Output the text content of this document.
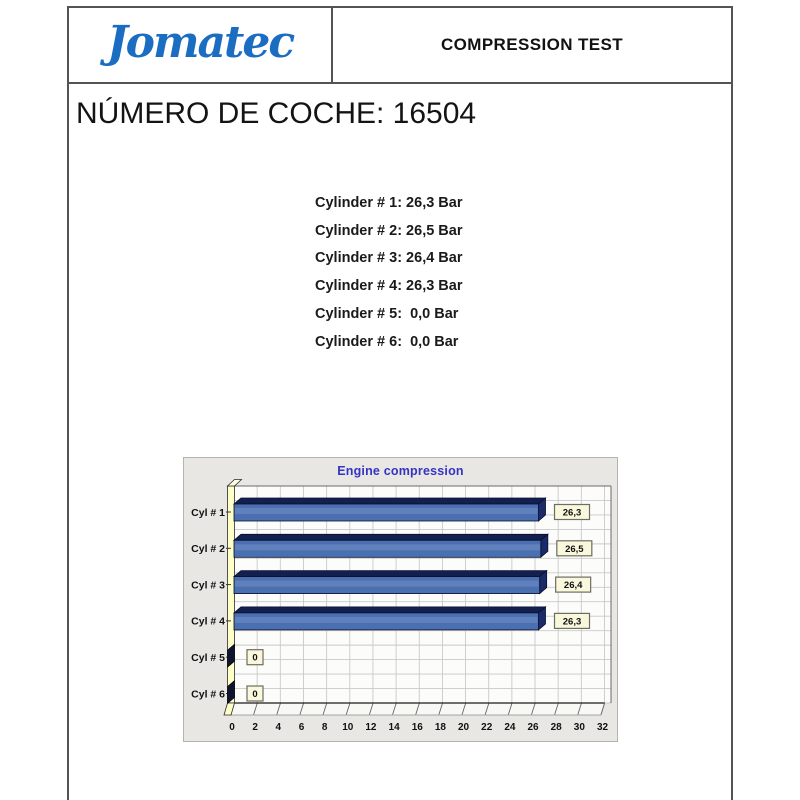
Jomatec	COMPRESSION TEST
NÚMERO DE COCHE: 16504
Cylinder # 1: 26,3 Bar
Cylinder # 2: 26,5 Bar
Cylinder # 3: 26,4 Bar
Cylinder # 4: 26,3 Bar
Cylinder # 5:  0,0 Bar
Cylinder # 6:  0,0 Bar
0 2 4 6 8 10 12 14 16 18 20 22 24 26 28 30 32
Cyl # 1	26,3
Cyl # 2	26,5
Cyl # 3	26,4
Cyl # 4	26,3
Cyl # 5	0
Cyl # 6	0
Engine compression
